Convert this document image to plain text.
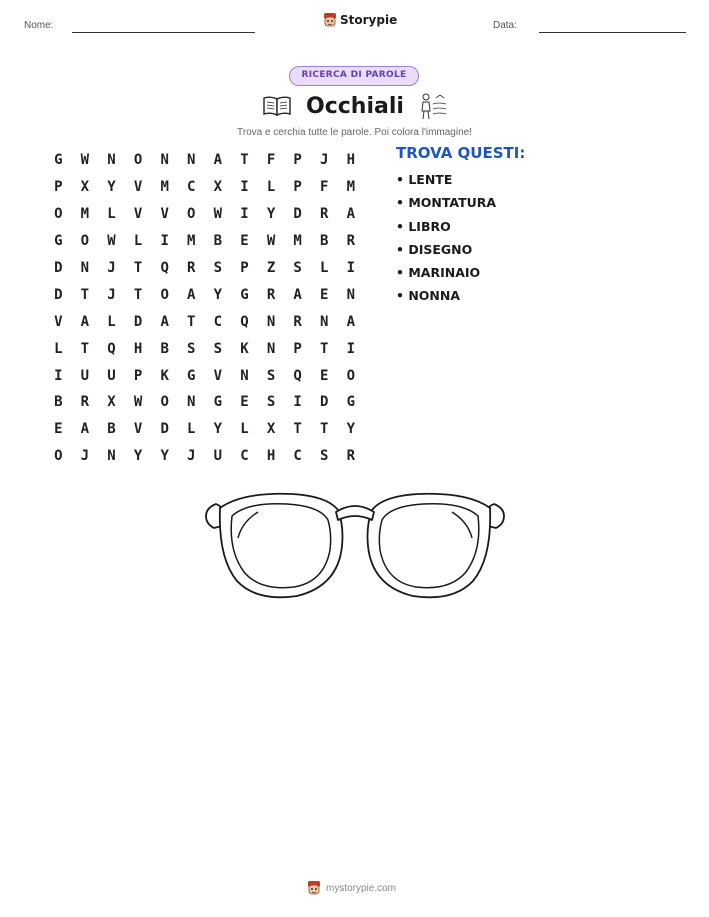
Nome:	Storypie	Data:
RICERCA DI PAROLE
Occhiali
Trova e cerchia tutte le parole. Poi colora l'immagine!
G	W	N	O	N	N	A	T	F	P	J	H
P	X	Y	V	M	C	X	I	L	P	F	M
O	M	L	V	V	O	W	I	Y	D	R	A
G	O	W	L	I	M	B	E	W	M	B	R
D	N	J	T	Q	R	S	P	Z	S	L	I
D	T	J	T	O	A	Y	G	R	A	E	N
V	A	L	D	A	T	C	Q	N	R	N	A
L	T	Q	H	B	S	S	K	N	P	T	I
I	U	U	P	K	G	V	N	S	Q	E	O
B	R	X	W	O	N	G	E	S	I	D	G
E	A	B	V	D	L	Y	L	X	T	T	Y
O	J	N	Y	Y	J	U	C	H	C	S	R
TROVA QUESTI:
• LENTE
• MONTATURA
• LIBRO
• DISEGNO
• MARINAIO
• NONNA
mystorypie.com
